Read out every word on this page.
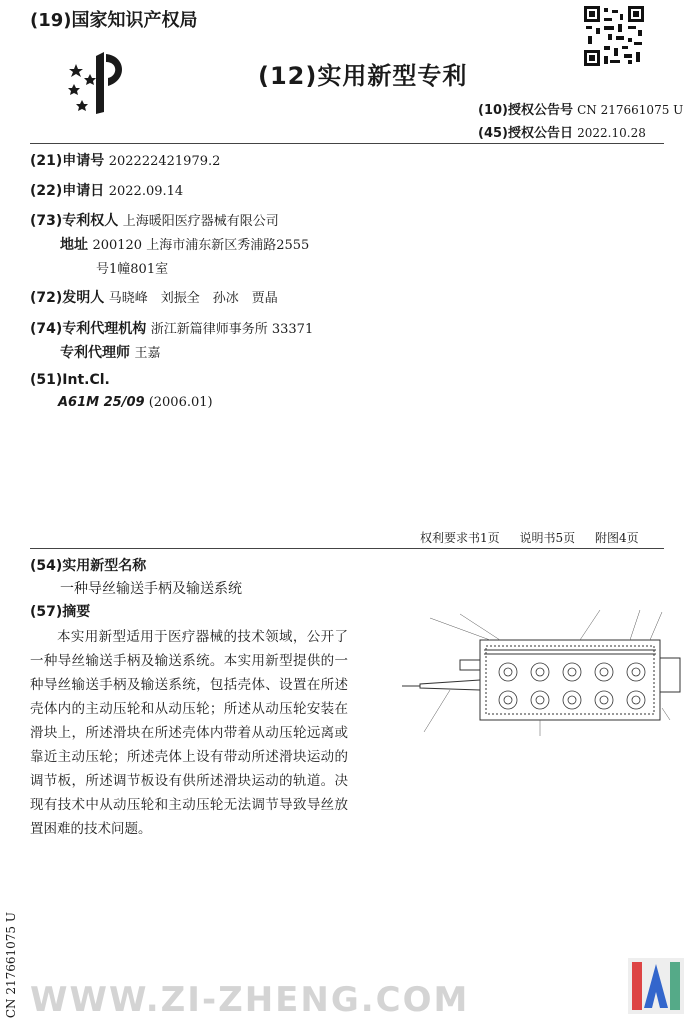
(19)国家知识产权局
(12)实用新型专利
(10)授权公告号 CN 217661075 U
(45)授权公告日 2022.10.28
(21)申请号 202222421979.2
(22)申请日 2022.09.14
(73)专利权人 上海暖阳医疗器械有限公司
地址 200120 上海市浦东新区秀浦路2555
号1幢801室
(72)发明人 马晓峰　刘振全　孙冰　贾晶
(74)专利代理机构 浙江新篇律师事务所 33371
专利代理师 王嘉
(51)Int.Cl.
A61M 25/09 (2006.01)
权利要求书1页 说明书5页 附图4页
(54)实用新型名称
一种导丝输送手柄及输送系统
(57)摘要
本实用新型适用于医疗器械的技术领域，公开了一种导丝输送手柄及输送系统。本实用新型提供的一种导丝输送手柄及输送系统，包括壳体、设置在所述壳体内的主动压轮和从动压轮；所述从动压轮安装在滑块上，所述滑块在所述壳体内带着从动压轮远离或靠近主动压轮；所述壳体上设有带动所述滑块运动的调节板，所述调节板设有供所述滑块运动的轨道。决现有技术中从动压轮和主动压轮无法调节导致导丝放置困难的技术问题。
CN 217661075 U WWW.ZI-ZHENG.COM
